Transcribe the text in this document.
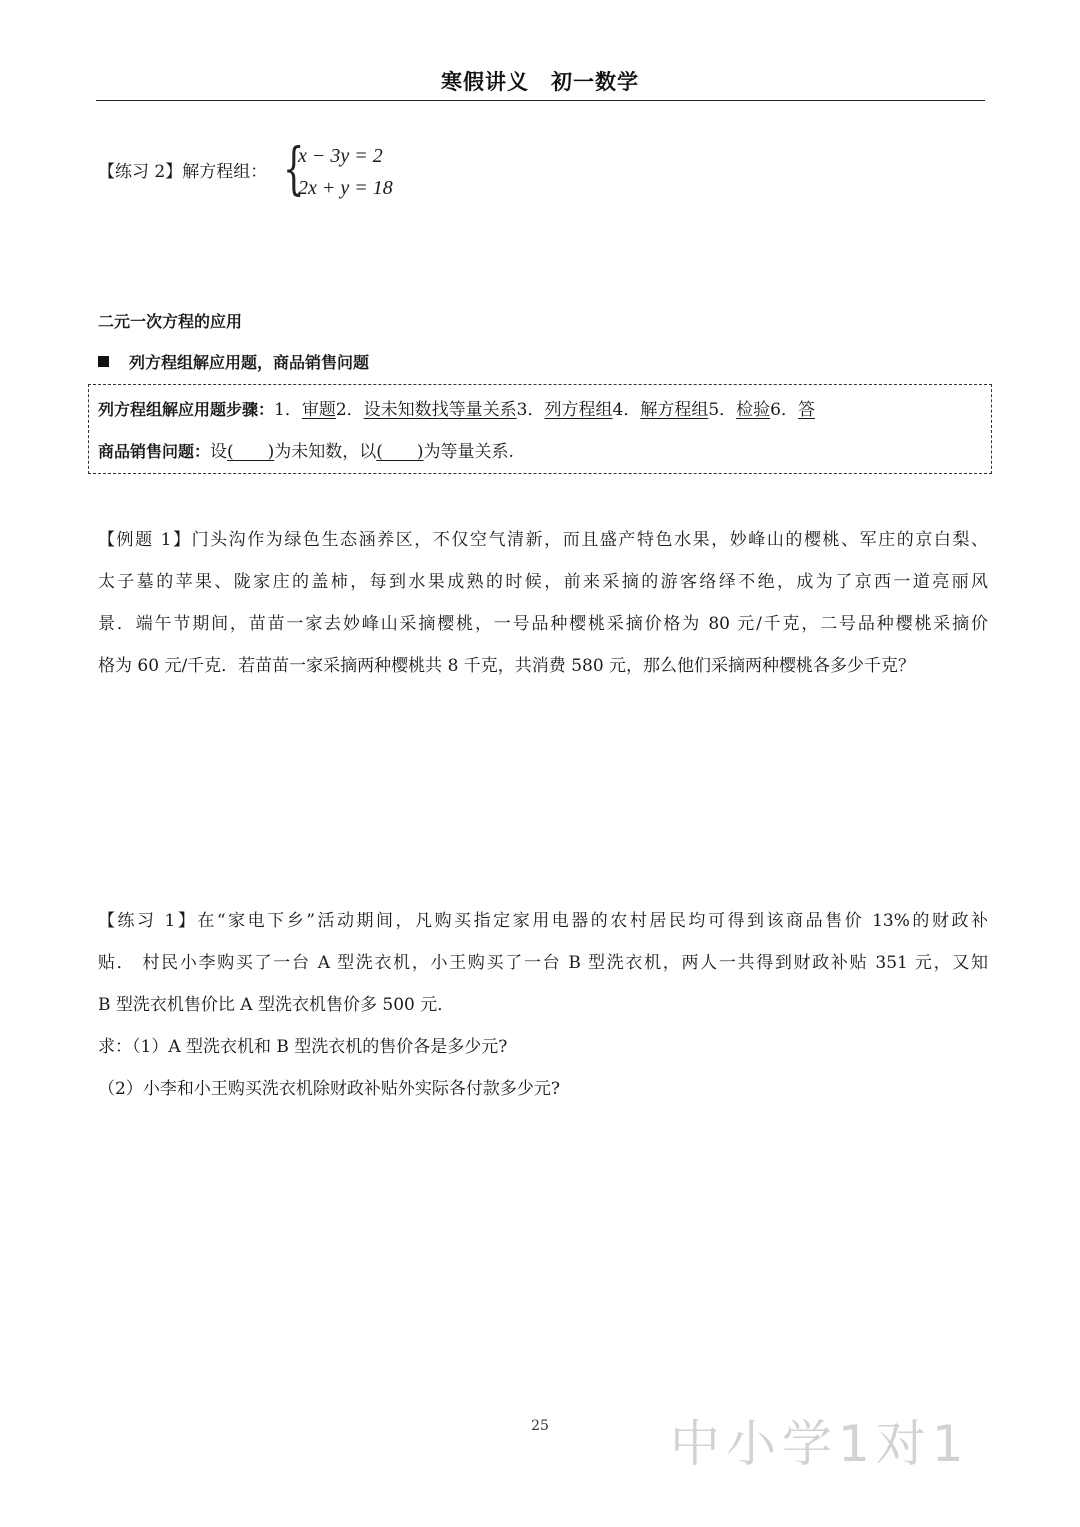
寒假讲义　初一数学
【练习 2】解方程组： {
x − 3y = 2
2x + y = 18
二元一次方程的应用
列方程组解应用题，商品销售问题
列方程组解应用题步骤：1．审题2．设未知数找等量关系3．列方程组4．解方程组5．检验6．答
商品销售问题：设(　　)为未知数，以(　　)为等量关系.
【例题 1】门头沟作为绿色生态涵养区，不仅空气清新，而且盛产特色水果，妙峰山的樱桃、军庄的京白梨、
太子墓的苹果、陇家庄的盖柿，每到水果成熟的时候，前来采摘的游客络绎不绝，成为了京西一道亮丽风
景．端午节期间，苗苗一家去妙峰山采摘樱桃，一号品种樱桃采摘价格为 80 元/千克，二号品种樱桃采摘价
格为 60 元/千克．若苗苗一家采摘两种樱桃共 8 千克，共消费 580 元，那么他们采摘两种樱桃各多少千克？
【练习 1】在“家电下乡”活动期间，凡购买指定家用电器的农村居民均可得到该商品售价 13%的财政补
贴． 村民小李购买了一台 A 型洗衣机，小王购买了一台 B 型洗衣机，两人一共得到财政补贴 351 元，又知
B 型洗衣机售价比 A 型洗衣机售价多 500 元．
求：（1）A 型洗衣机和 B 型洗衣机的售价各是多少元?
（2）小李和小王购买洗衣机除财政补贴外实际各付款多少元?
25	中小学1对1
